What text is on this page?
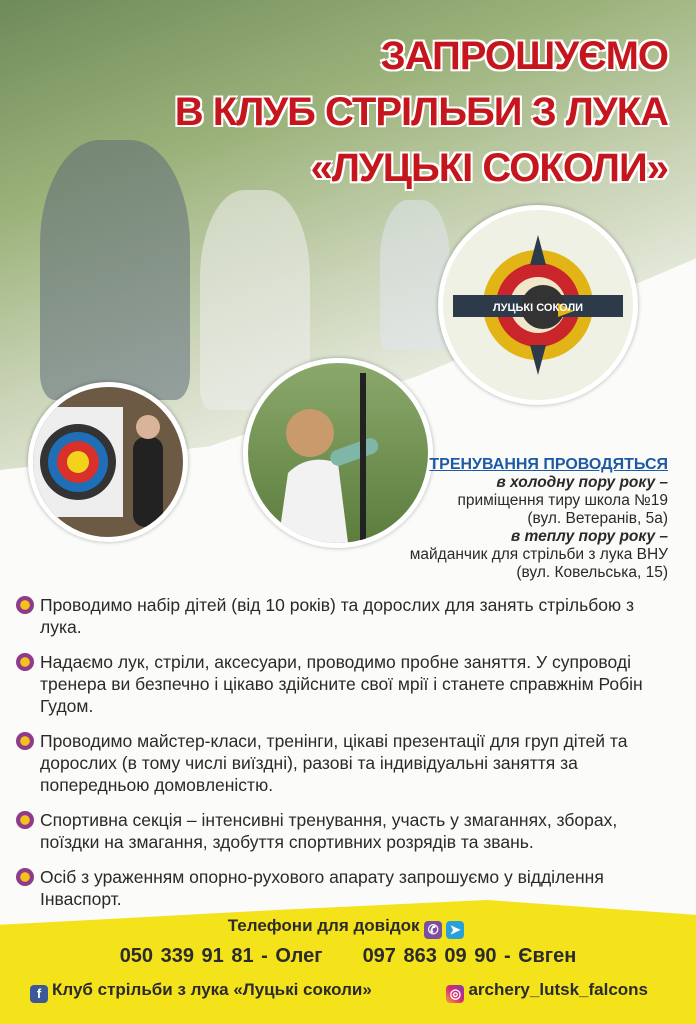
ЗАПРОШУЄМО
В КЛУБ СТРІЛЬБИ З ЛУКА
«ЛУЦЬКІ СОКОЛИ»
ЛУЦЬКІ СОКОЛИ
ТРЕНУВАННЯ ПРОВОДЯТЬСЯ
в холодну пору року –
приміщення тиру школа №19
(вул. Ветеранів, 5а)
в теплу пору року –
майданчик для стрільби з лука ВНУ
(вул. Ковельська, 15)
Проводимо набір дітей (від 10 років) та дорослих для занять стрільбою з лука.
Надаємо лук, стріли, аксесуари, проводимо пробне заняття. У супроводі тренера ви безпечно і цікаво здійсните свої мрії і станете справжнім Робін Гудом.
Проводимо майстер-класи, тренінги, цікаві презентації для груп дітей та дорослих (в тому числі виїздні), разові та індивідуальні заняття за попередньою домовленістю.
Спортивна секція – інтенсивні тренування, участь у змаганнях, зборах, поїздки на змагання, здобуття спортивних розрядів та звань.
Осіб з ураженням опорно-рухового апарату запрошуємо у відділення Інваспорт.
Телефони для довідок ✆ ➤
050 339 91 81 - Олег 097 863 09 90 - Євген
f Клуб стрільби з лука «Луцькі соколи»	◎ archery_lutsk_falcons
